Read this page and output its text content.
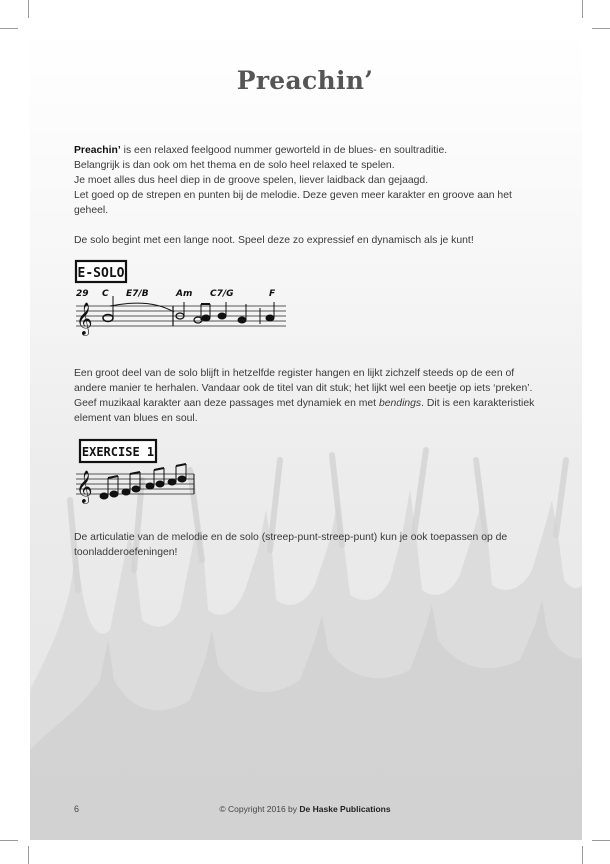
Preachin’
Preachin’ is een relaxed feelgood nummer geworteld in de blues- en soultraditie.
Belangrijk is dan ook om het thema en de solo heel relaxed te spelen.
Je moet alles dus heel diep in de groove spelen, liever laidback dan gejaagd.
Let goed op de strepen en punten bij de melodie. Deze geven meer karakter en groove aan het geheel.
De solo begint met een lange noot. Speel deze zo expressief en dynamisch als je kunt!
E-SOLO
29 C E7/B	Am C7/G	F
𝄞
Een groot deel van de solo blijft in hetzelfde register hangen en lijkt zichzelf steeds op de een of andere manier te herhalen. Vandaar ook de titel van dit stuk; het lijkt wel een beetje op iets ‘preken’. Geef muzikaal karakter aan deze passages met dynamiek en met bendings. Dit is een karakteristiek element van blues en soul.
EXERCISE 1
𝄞
De articulatie van de melodie en de solo (streep-punt-streep-punt) kun je ook toepassen op de toonladderoefeningen!
6	© Copyright 2016 by De Haske Publications
